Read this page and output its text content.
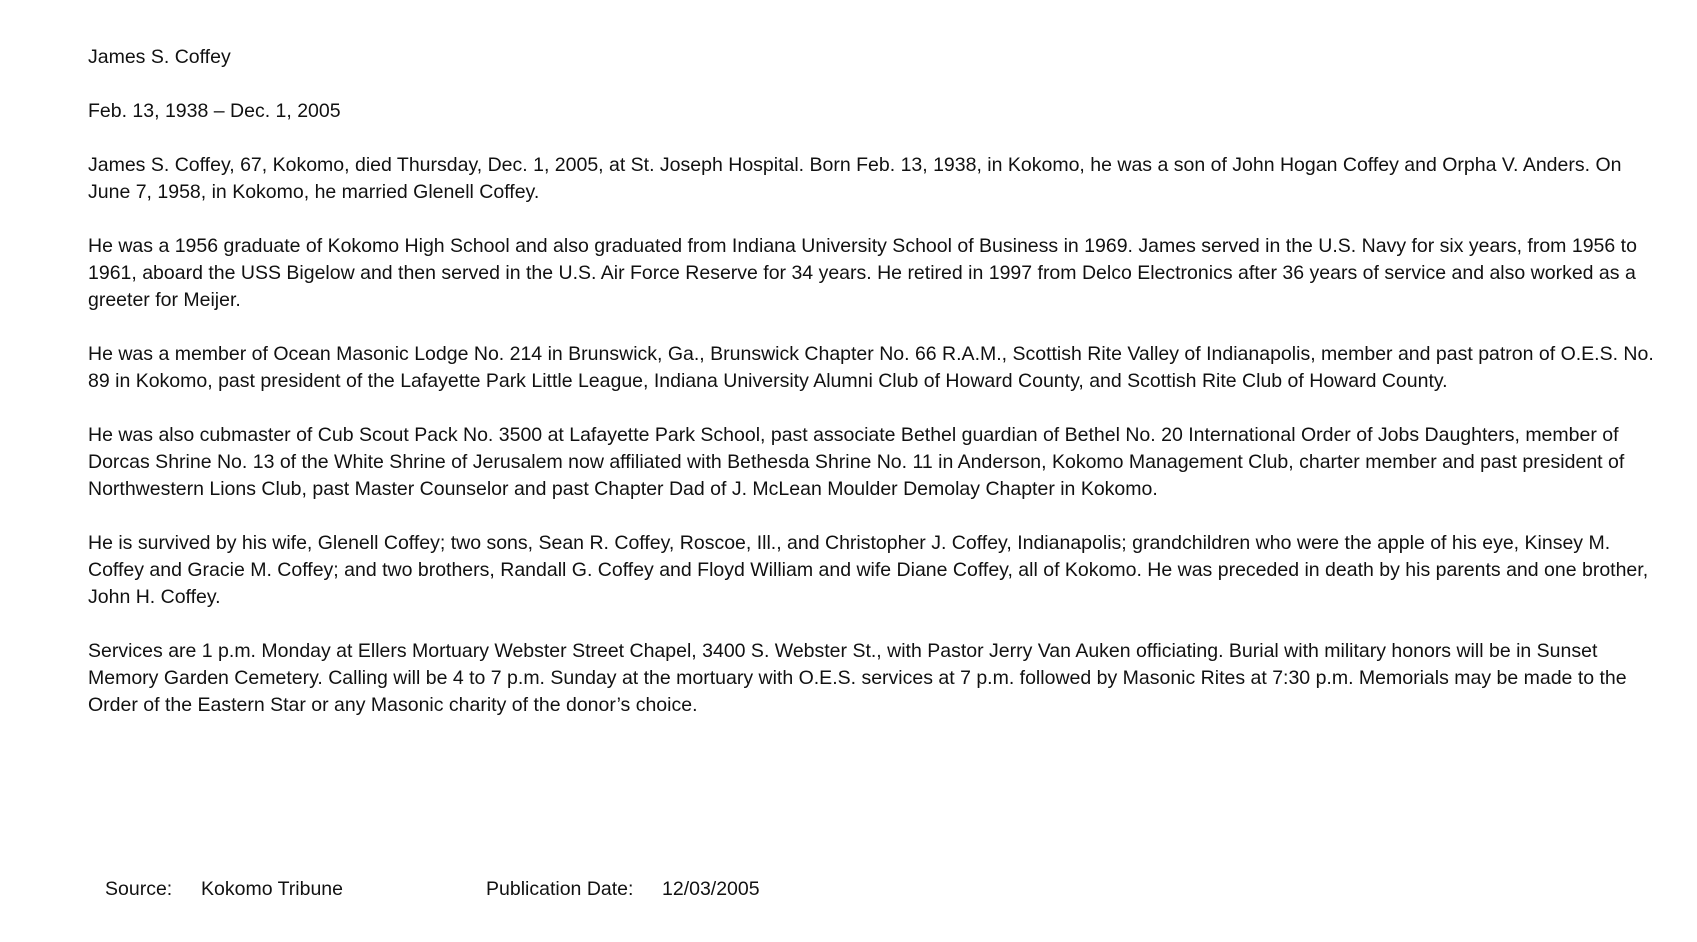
James S. Coffey

Feb. 13, 1938 – Dec. 1, 2005

James S. Coffey, 67, Kokomo, died Thursday, Dec. 1, 2005, at St. Joseph Hospital. Born Feb. 13, 1938, in Kokomo, he was a son of John Hogan Coffey and Orpha V. Anders. On June 7, 1958, in Kokomo, he married Glenell Coffey.

He was a 1956 graduate of Kokomo High School and also graduated from Indiana University School of Business in 1969. James served in the U.S. Navy for six years, from 1956 to 1961, aboard the USS Bigelow and then served in the U.S. Air Force Reserve for 34 years. He retired in 1997 from Delco Electronics after 36 years of service and also worked as a greeter for Meijer.

He was a member of Ocean Masonic Lodge No. 214 in Brunswick, Ga., Brunswick Chapter No. 66 R.A.M., Scottish Rite Valley of Indianapolis, member and past patron of O.E.S. No. 89 in Kokomo, past president of the Lafayette Park Little League, Indiana University Alumni Club of Howard County, and Scottish Rite Club of Howard County.

He was also cubmaster of Cub Scout Pack No. 3500 at Lafayette Park School, past associate Bethel guardian of Bethel No. 20 International Order of Jobs Daughters, member of Dorcas Shrine No. 13 of the White Shrine of Jerusalem now affiliated with Bethesda Shrine No. 11 in Anderson, Kokomo Management Club, charter member and past president of Northwestern Lions Club, past Master Counselor and past Chapter Dad of J. McLean Moulder Demolay Chapter in Kokomo.

He is survived by his wife, Glenell Coffey; two sons, Sean R. Coffey, Roscoe, Ill., and Christopher J. Coffey, Indianapolis; grandchildren who were the apple of his eye, Kinsey M. Coffey and Gracie M. Coffey; and two brothers, Randall G. Coffey and Floyd William and wife Diane Coffey, all of Kokomo. He was preceded in death by his parents and one brother, John H. Coffey.

Services are 1 p.m. Monday at Ellers Mortuary Webster Street Chapel, 3400 S. Webster St., with Pastor Jerry Van Auken officiating. Burial with military honors will be in Sunset Memory Garden Cemetery. Calling will be 4 to 7 p.m. Sunday at the mortuary with O.E.S. services at 7 p.m. followed by Masonic Rites at 7:30 p.m. Memorials may be made to the Order of the Eastern Star or any Masonic charity of the donor’s choice.

Source: Kokomo Tribune	Publication Date: 12/03/2005
